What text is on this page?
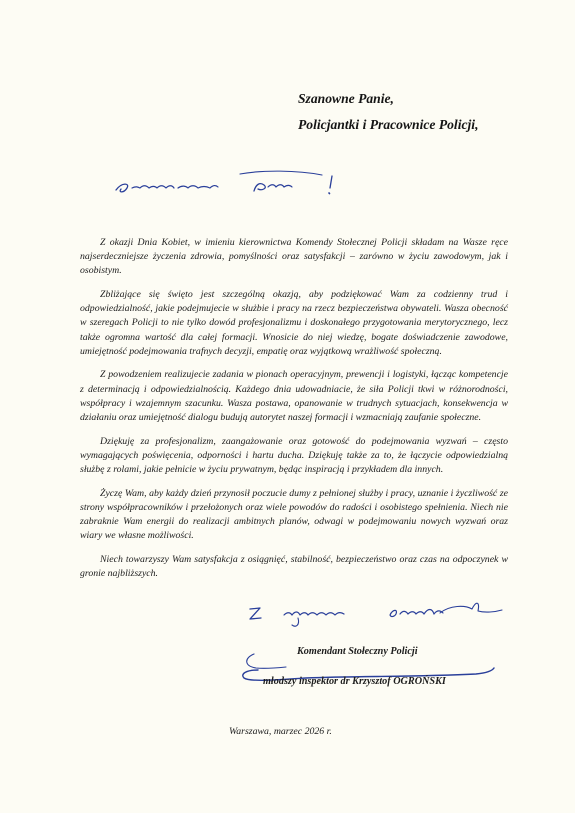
Szanowne Panie,
Policjantki i Pracownice Policji,

Z okazji Dnia Kobiet, w imieniu kierownictwa Komendy Stołecznej Policji składam na Wasze ręce najserdeczniejsze życzenia zdrowia, pomyślności oraz satysfakcji – zarówno w życiu zawodowym, jak i osobistym.

Zbliżające się święto jest szczególną okazją, aby podziękować Wam za codzienny trud i odpowiedzialność, jakie podejmujecie w służbie i pracy na rzecz bezpieczeństwa obywateli. Wasza obecność w szeregach Policji to nie tylko dowód profesjonalizmu i doskonałego przygotowania merytorycznego, lecz także ogromna wartość dla całej formacji. Wnosicie do niej wiedzę, bogate doświadczenie zawodowe, umiejętność podejmowania trafnych decyzji, empatię oraz wyjątkową wrażliwość społeczną.

Z powodzeniem realizujecie zadania w pionach operacyjnym, prewencji i logistyki, łącząc kompetencje z determinacją i odpowiedzialnością. Każdego dnia udowadniacie, że siła Policji tkwi w różnorodności, współpracy i wzajemnym szacunku. Wasza postawa, opanowanie w trudnych sytuacjach, konsekwencja w działaniu oraz umiejętność dialogu budują autorytet naszej formacji i wzmacniają zaufanie społeczne.

Dziękuję za profesjonalizm, zaangażowanie oraz gotowość do podejmowania wyzwań – często wymagających poświęcenia, odporności i hartu ducha. Dziękuję także za to, że łączycie odpowiedzialną służbę z rolami, jakie pełnicie w życiu prywatnym, będąc inspiracją i przykładem dla innych.

Życzę Wam, aby każdy dzień przynosił poczucie dumy z pełnionej służby i pracy, uznanie i życzliwość ze strony współpracowników i przełożonych oraz wiele powodów do radości i osobistego spełnienia. Niech nie zabraknie Wam energii do realizacji ambitnych planów, odwagi w podejmowaniu nowych wyzwań oraz wiary we własne możliwości.

Niech towarzyszy Wam satysfakcja z osiągnięć, stabilność, bezpieczeństwo oraz czas na odpoczynek w gronie najbliższych.

Komendant Stołeczny Policji
młodszy inspektor dr Krzysztof OGROŃSKI
Warszawa, marzec 2026 r.
